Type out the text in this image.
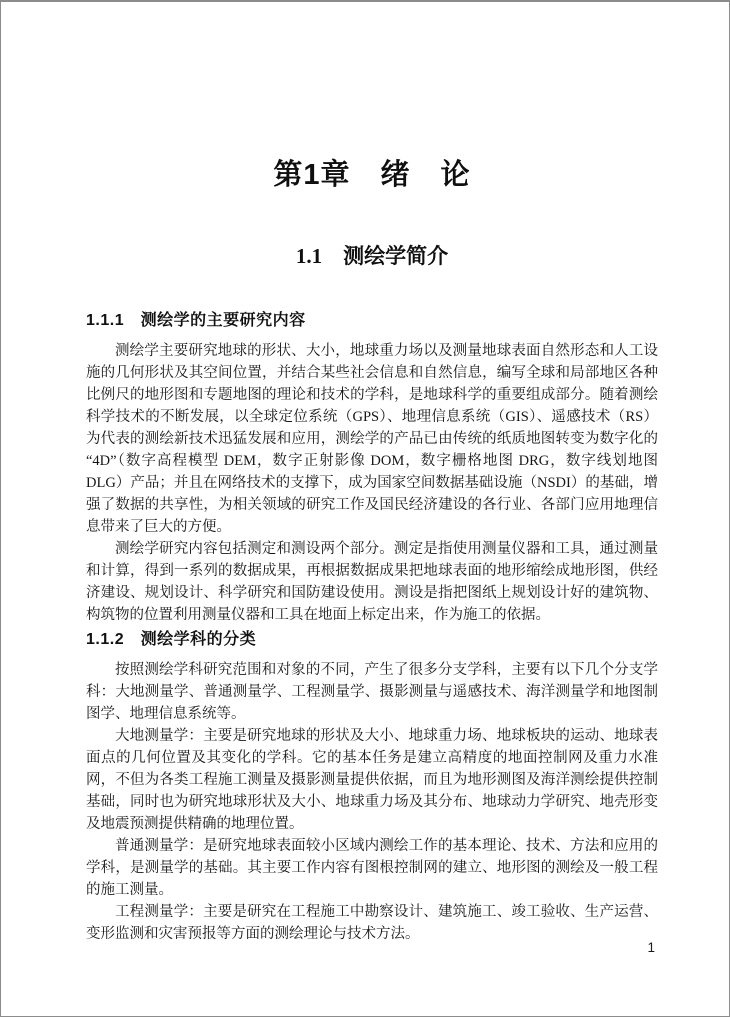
第1章　绪　论
1.1　测绘学简介
1.1.1　测绘学的主要研究内容

测绘学主要研究地球的形状、大小，地球重力场以及测量地球表面自然形态和人工设施的几何形状及其空间位置，并结合某些社会信息和自然信息，编写全球和局部地区各种比例尺的地形图和专题地图的理论和技术的学科，是地球科学的重要组成部分。随着测绘科学技术的不断发展，以全球定位系统（GPS）、地理信息系统（GIS）、遥感技术（RS）为代表的测绘新技术迅猛发展和应用，测绘学的产品已由传统的纸质地图转变为数字化的“4D”（数字高程模型 DEM，数字正射影像 DOM，数字栅格地图 DRG，数字线划地图 DLG）产品；并且在网络技术的支撑下，成为国家空间数据基础设施（NSDI）的基础，增强了数据的共享性，为相关领域的研究工作及国民经济建设的各行业、各部门应用地理信息带来了巨大的方便。

测绘学研究内容包括测定和测设两个部分。测定是指使用测量仪器和工具，通过测量和计算，得到一系列的数据成果，再根据数据成果把地球表面的地形缩绘成地形图，供经济建设、规划设计、科学研究和国防建设使用。测设是指把图纸上规划设计好的建筑物、构筑物的位置利用测量仪器和工具在地面上标定出来，作为施工的依据。

1.1.2　测绘学科的分类

按照测绘学科研究范围和对象的不同，产生了很多分支学科，主要有以下几个分支学科：大地测量学、普通测量学、工程测量学、摄影测量与遥感技术、海洋测量学和地图制图学、地理信息系统等。

大地测量学：主要是研究地球的形状及大小、地球重力场、地球板块的运动、地球表面点的几何位置及其变化的学科。它的基本任务是建立高精度的地面控制网及重力水准网，不但为各类工程施工测量及摄影测量提供依据，而且为地形测图及海洋测绘提供控制基础，同时也为研究地球形状及大小、地球重力场及其分布、地球动力学研究、地壳形变及地震预测提供精确的地理位置。

普通测量学：是研究地球表面较小区域内测绘工作的基本理论、技术、方法和应用的学科，是测量学的基础。其主要工作内容有图根控制网的建立、地形图的测绘及一般工程的施工测量。

工程测量学：主要是研究在工程施工中勘察设计、建筑施工、竣工验收、生产运营、变形监测和灾害预报等方面的测绘理论与技术方法。

1
